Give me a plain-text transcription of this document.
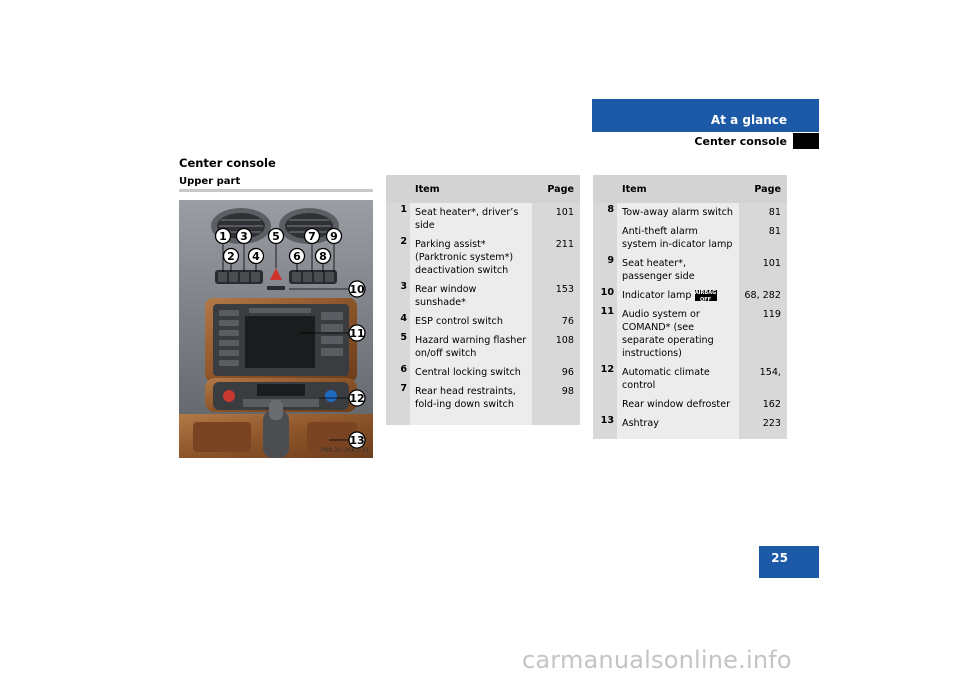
At a glance
Center console
Center console
Upper part
1
2
3
4
5
6
7
8
9
10
11
12
13
P68.20-2663-31
	Item	Page
1	Seat heater*, driver’s side	101
2	Parking assist* (Parktronic system*) deactivation switch	211
3	Rear window sunshade*	153
4	ESP control switch	76
5	Hazard warning flasher on/off switch	108
6	Central locking switch	96
7	Rear head restraints, fold-ing down switch	98

	Item	Page
8	Tow-away alarm switch	81
	Anti-theft alarm system in-dicator lamp	81
9	Seat heater*, passenger side	101
10	Indicator lamp AIRBAG OFF	68, 282
11	Audio system or COMAND* (see separate operating instructions)	119
12	Automatic climate control	154,
	Rear window defroster	162
13	Ashtray	223

25
carmanualsonline.info
